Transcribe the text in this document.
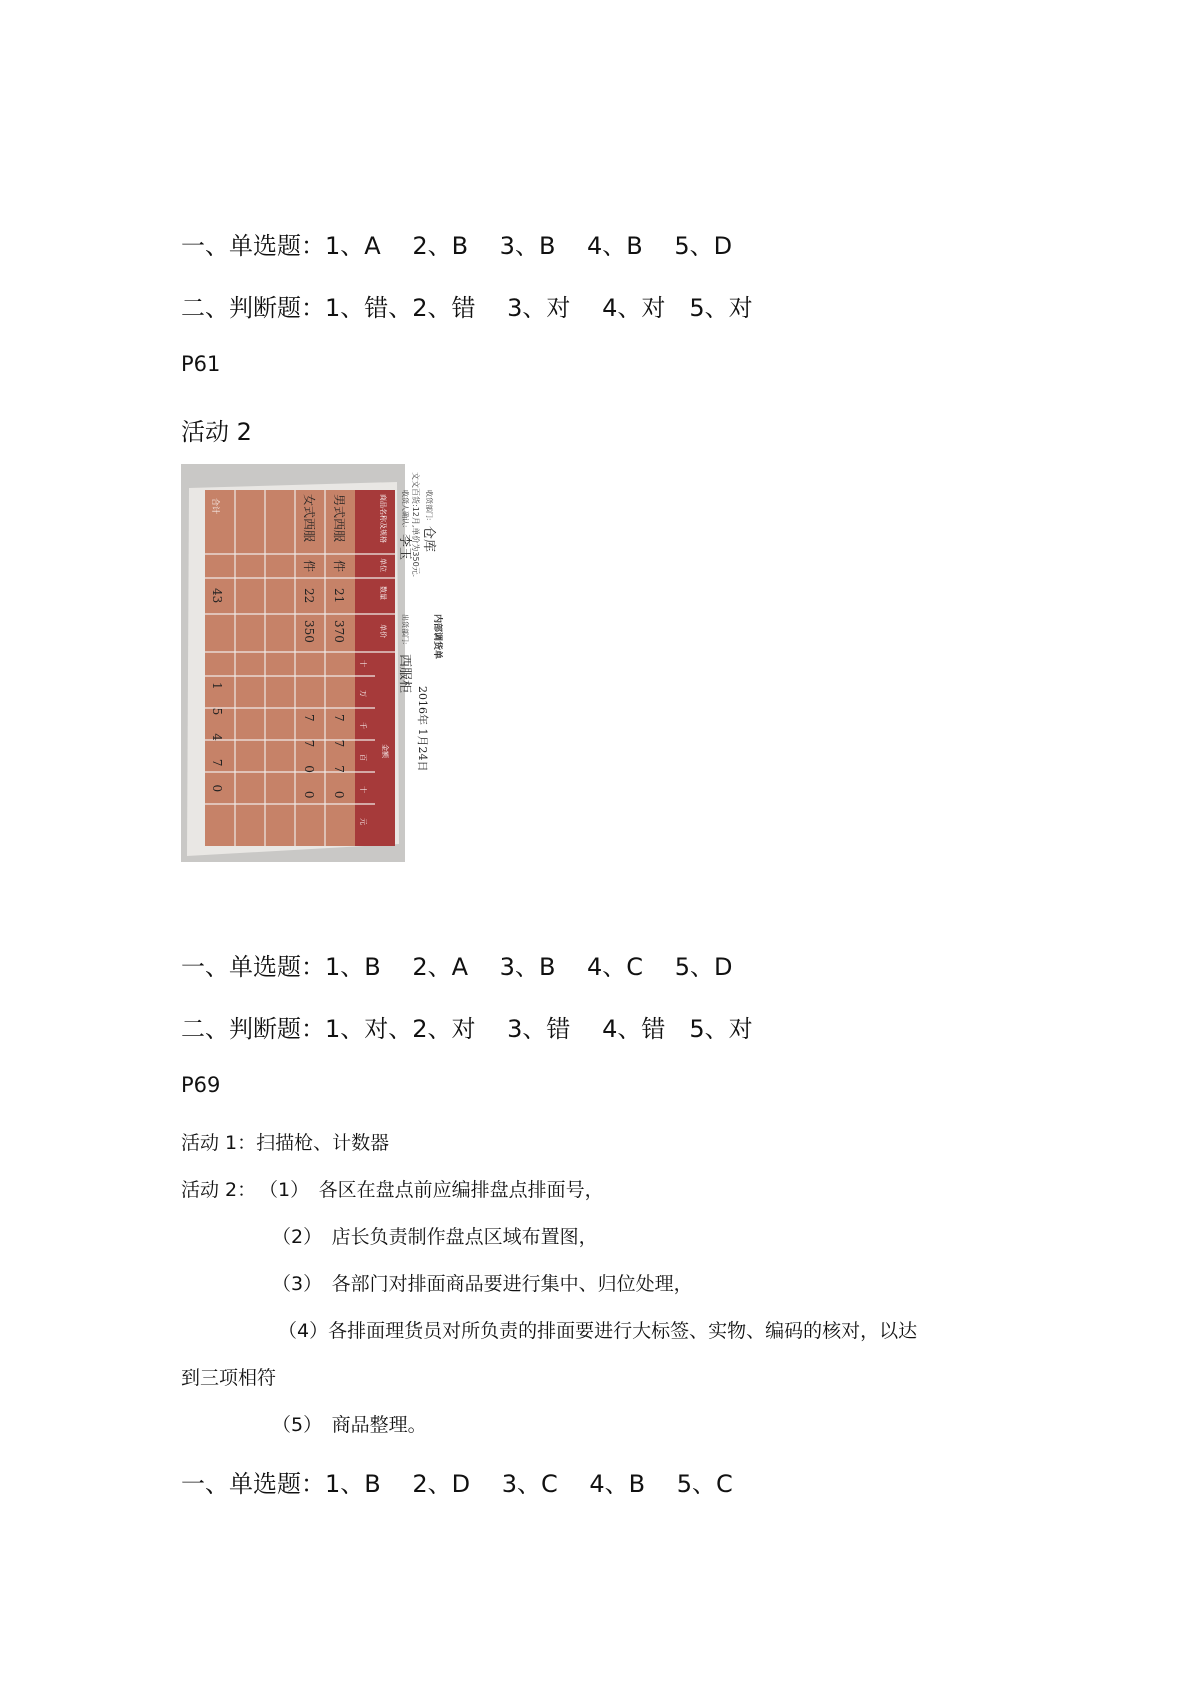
一、单选题：1、A　 2、B　 3、B　 4、B　 5、D
二、判断题：1、错、2、错　 3、对　 4、对　5、对
P61
活动 2
文文百货:12月,单价为350元.
内部调货单
收货部门:
仓库
收货人确认:
李玉
出货部门:
西服柜
2016年 1月24日
商品名称及规格
单位
数量
单价
金额
十
万
千
百
十
元
男式西服
件
21
370
7770
女式西服
件
22
350
7700
合计
43
15470
一、单选题：1、B　 2、A　 3、B　 4、C　 5、D
二、判断题：1、对、2、对　 3、错　 4、错　5、对
P69
活动 1：扫描枪、计数器
活动 2： （1）　各区在盘点前应编排盘点排面号，
（2）　店长负责制作盘点区域布置图，
（3）　各部门对排面商品要进行集中、归位处理，
（4）各排面理货员对所负责的排面要进行大标签、实物、编码的核对，以达
到三项相符
（5）　商品整理。
一、单选题：1、B　 2、D　 3、C　 4、B　 5、C
